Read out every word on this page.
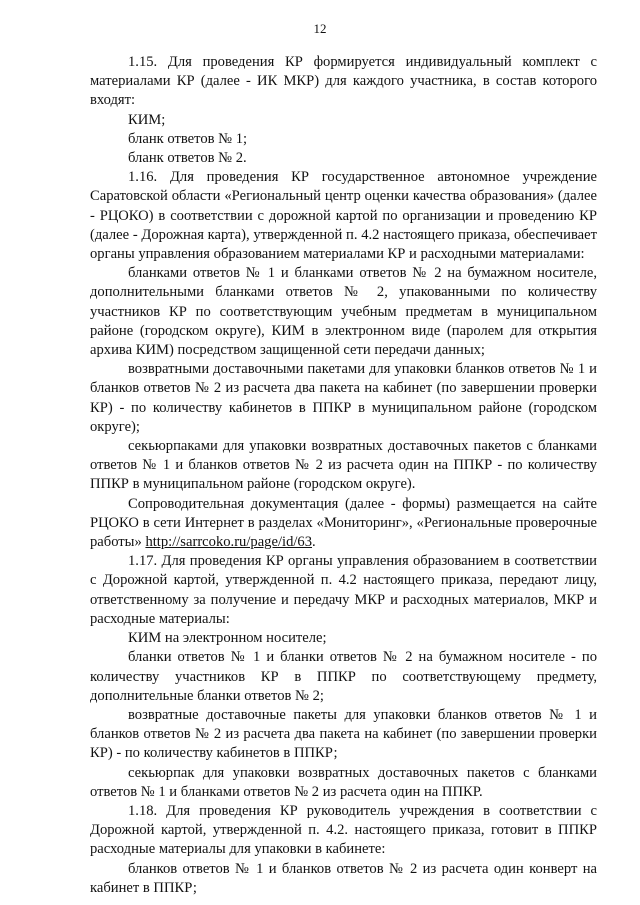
12

1.15. Для проведения КР формируется индивидуальный комплект с материалами КР (далее - ИК МКР) для каждого участника, в состав которого входят:

КИМ;

бланк ответов № 1;

бланк ответов № 2.

1.16. Для проведения КР государственное автономное учреждение Саратовской области «Региональный центр оценки качества образования» (далее - РЦОКО) в соответствии с дорожной картой по организации и проведению КР (далее - Дорожная карта), утвержденной п. 4.2 настоящего приказа, обеспечивает органы управления образованием материалами КР и расходными материалами:

бланками ответов № 1 и бланками ответов № 2 на бумажном носителе, дополнительными бланками ответов № 2, упакованными по количеству участников КР по соответствующим учебным предметам в муниципальном районе (городском округе), КИМ в электронном виде (паролем для открытия архива КИМ) посредством защищенной сети передачи данных;

возвратными доставочными пакетами для упаковки бланков ответов № 1 и бланков ответов № 2 из расчета два пакета на кабинет (по завершении проверки КР) - по количеству кабинетов в ППКР в муниципальном районе (городском округе);

секьюрпаками для упаковки возвратных доставочных пакетов с бланками ответов № 1 и бланков ответов № 2 из расчета один на ППКР - по количеству ППКР в муниципальном районе (городском округе).

Сопроводительная документация (далее - формы) размещается на сайте РЦОКО в сети Интернет в разделах «Мониторинг», «Региональные проверочные работы» http://sarrcoko.ru/page/id/63.

1.17. Для проведения КР органы управления образованием в соответствии с Дорожной картой, утвержденной п. 4.2 настоящего приказа, передают лицу, ответственному за получение и передачу МКР и расходных материалов, МКР и расходные материалы:

КИМ на электронном носителе;

бланки ответов № 1 и бланки ответов № 2 на бумажном носителе - по количеству участников КР в ППКР по соответствующему предмету, дополнительные бланки ответов № 2;

возвратные доставочные пакеты для упаковки бланков ответов № 1 и бланков ответов № 2 из расчета два пакета на кабинет (по завершении проверки КР) - по количеству кабинетов в ППКР;

секьюрпак для упаковки возвратных доставочных пакетов с бланками ответов № 1 и бланками ответов № 2 из расчета один на ППКР.

1.18. Для проведения КР руководитель учреждения в соответствии с Дорожной картой, утвержденной п. 4.2. настоящего приказа, готовит в ППКР расходные материалы для упаковки в кабинете:

бланков ответов № 1 и бланков ответов № 2 из расчета один конверт на кабинет в ППКР;
